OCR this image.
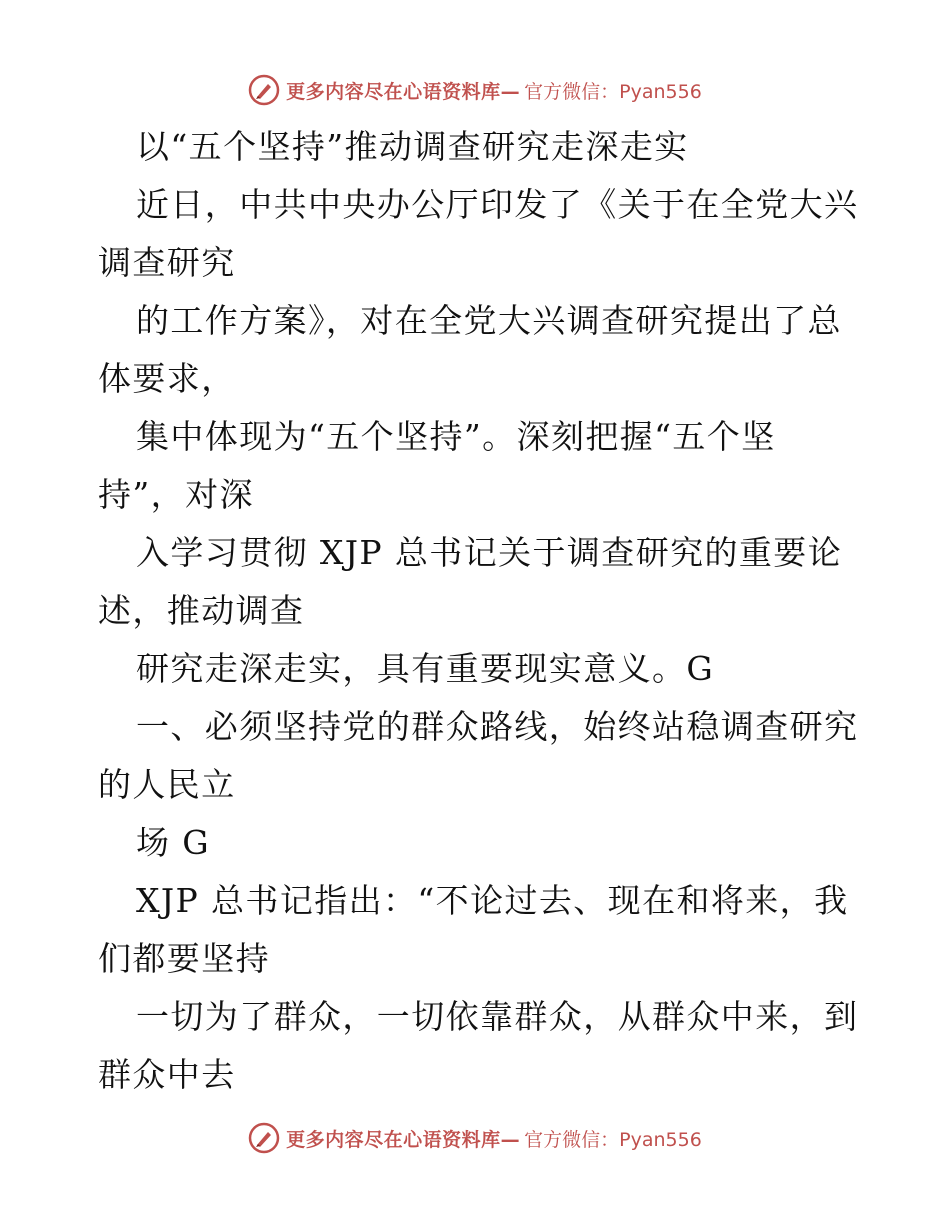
更多内容尽在心语资料库— 官方微信：Pyan556
以“五个坚持”推动调查研究走深走实
近日，中共中央办公厅印发了《关于在全党大兴
调查研究
的工作方案》，对在全党大兴调查研究提出了总
体要求，
集中体现为“五个坚持”。深刻把握“五个坚
持”，对深
入学习贯彻 XJP 总书记关于调查研究的重要论
述，推动调查
研究走深走实，具有重要现实意义。G
一、必须坚持党的群众路线，始终站稳调查研究
的人民立
场 G
XJP 总书记指出：“不论过去、现在和将来，我
们都要坚持
一切为了群众，一切依靠群众，从群众中来，到
群众中去
更多内容尽在心语资料库— 官方微信：Pyan556
